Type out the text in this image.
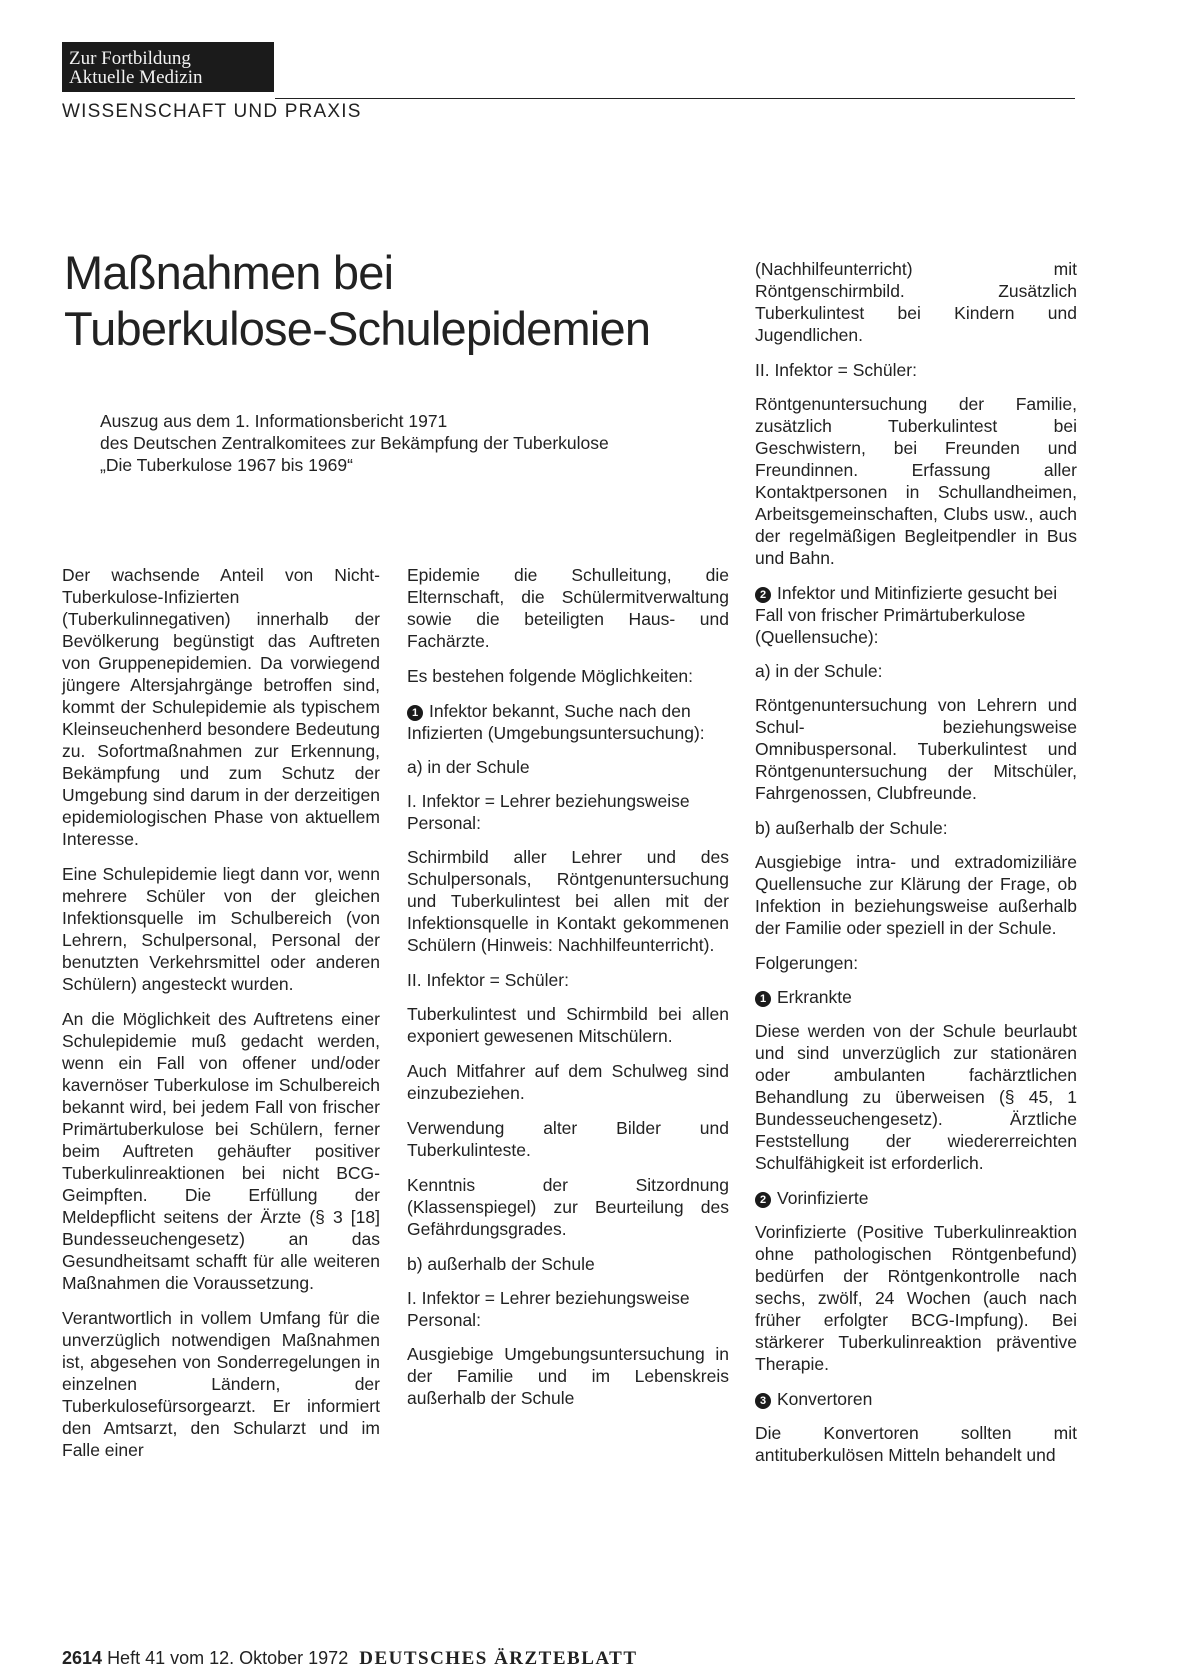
Zur Fortbildung
Aktuelle Medizin
WISSENSCHAFT UND PRAXIS
Maßnahmen bei
Tuberkulose-Schulepidemien
Auszug aus dem 1. Informationsbericht 1971
des Deutschen Zentralkomitees zur Bekämpfung der Tuberkulose
„Die Tuberkulose 1967 bis 1969“

Der wachsende Anteil von Nicht-Tuberkulose-Infizierten (Tuberkulinnegativen) innerhalb der Bevölkerung begünstigt das Auftreten von Gruppenepidemien. Da vorwiegend jüngere Altersjahrgänge betroffen sind, kommt der Schulepidemie als typischem Kleinseuchenherd besondere Bedeutung zu. Sofortmaßnahmen zur Erkennung, Bekämpfung und zum Schutz der Umgebung sind darum in der derzeitigen epidemiologischen Phase von aktuellem Interesse.

Eine Schulepidemie liegt dann vor, wenn mehrere Schüler von der gleichen Infektionsquelle im Schulbereich (von Lehrern, Schulpersonal, Personal der benutzten Verkehrsmittel oder anderen Schülern) angesteckt wurden.

An die Möglichkeit des Auftretens einer Schulepidemie muß gedacht werden, wenn ein Fall von offener und/oder kavernöser Tuberkulose im Schulbereich bekannt wird, bei jedem Fall von frischer Primärtuberkulose bei Schülern, ferner beim Auftreten gehäufter positiver Tuberkulinreaktionen bei nicht BCG-Geimpften. Die Erfüllung der Meldepflicht seitens der Ärzte (§ 3 [18] Bundesseuchengesetz) an das Gesundheitsamt schafft für alle weiteren Maßnahmen die Voraussetzung.

Verantwortlich in vollem Umfang für die unverzüglich notwendigen Maßnahmen ist, abgesehen von Sonderregelungen in einzelnen Ländern, der Tuberkulosefürsorgearzt. Er informiert den Amtsarzt, den Schularzt und im Falle einer

Epidemie die Schulleitung, die Elternschaft, die Schülermitverwaltung sowie die beteiligten Haus- und Fachärzte.

Es bestehen folgende Möglichkeiten:

1 Infektor bekannt, Suche nach den Infizierten (Umgebungsuntersuchung):

a) in der Schule

I. Infektor = Lehrer beziehungsweise Personal:

Schirmbild aller Lehrer und des Schulpersonals, Röntgenuntersuchung und Tuberkulintest bei allen mit der Infektionsquelle in Kontakt gekommenen Schülern (Hinweis: Nachhilfeunterricht).

II. Infektor = Schüler:

Tuberkulintest und Schirmbild bei allen exponiert gewesenen Mitschülern.

Auch Mitfahrer auf dem Schulweg sind einzubeziehen.

Verwendung alter Bilder und Tuberkulinteste.

Kenntnis der Sitzordnung (Klassenspiegel) zur Beurteilung des Gefährdungsgrades.

b) außerhalb der Schule

I. Infektor = Lehrer beziehungsweise Personal:

Ausgiebige Umgebungsuntersuchung in der Familie und im Lebenskreis außerhalb der Schule

(Nachhilfeunterricht) mit Röntgenschirmbild. Zusätzlich Tuberkulintest bei Kindern und Jugendlichen.

II. Infektor = Schüler:

Röntgenuntersuchung der Familie, zusätzlich Tuberkulintest bei Geschwistern, bei Freunden und Freundinnen. Erfassung aller Kontaktpersonen in Schullandheimen, Arbeitsgemeinschaften, Clubs usw., auch der regelmäßigen Begleitpendler in Bus und Bahn.

2 Infektor und Mitinfizierte gesucht bei Fall von frischer Primärtuberkulose (Quellensuche):

a) in der Schule:

Röntgenuntersuchung von Lehrern und Schul- beziehungsweise Omnibuspersonal. Tuberkulintest und Röntgenuntersuchung der Mitschüler, Fahrgenossen, Clubfreunde.

b) außerhalb der Schule:

Ausgiebige intra- und extradomiziliäre Quellensuche zur Klärung der Frage, ob Infektion in beziehungsweise außerhalb der Familie oder speziell in der Schule.

Folgerungen:

1 Erkrankte

Diese werden von der Schule beurlaubt und sind unverzüglich zur stationären oder ambulanten fachärztlichen Behandlung zu überweisen (§ 45, 1 Bundesseuchengesetz). Ärztliche Feststellung der wiedererreichten Schulfähigkeit ist erforderlich.

2 Vorinfizierte

Vorinfizierte (Positive Tuberkulinreaktion ohne pathologischen Röntgenbefund) bedürfen der Röntgenkontrolle nach sechs, zwölf, 24 Wochen (auch nach früher erfolgter BCG-Impfung). Bei stärkerer Tuberkulinreaktion präventive Therapie.

3 Konvertoren

Die Konvertoren sollten mit antituberkulösen Mitteln behandelt und

2614 Heft 41 vom 12. Oktober 1972 DEUTSCHES ÄRZTEBLATT
